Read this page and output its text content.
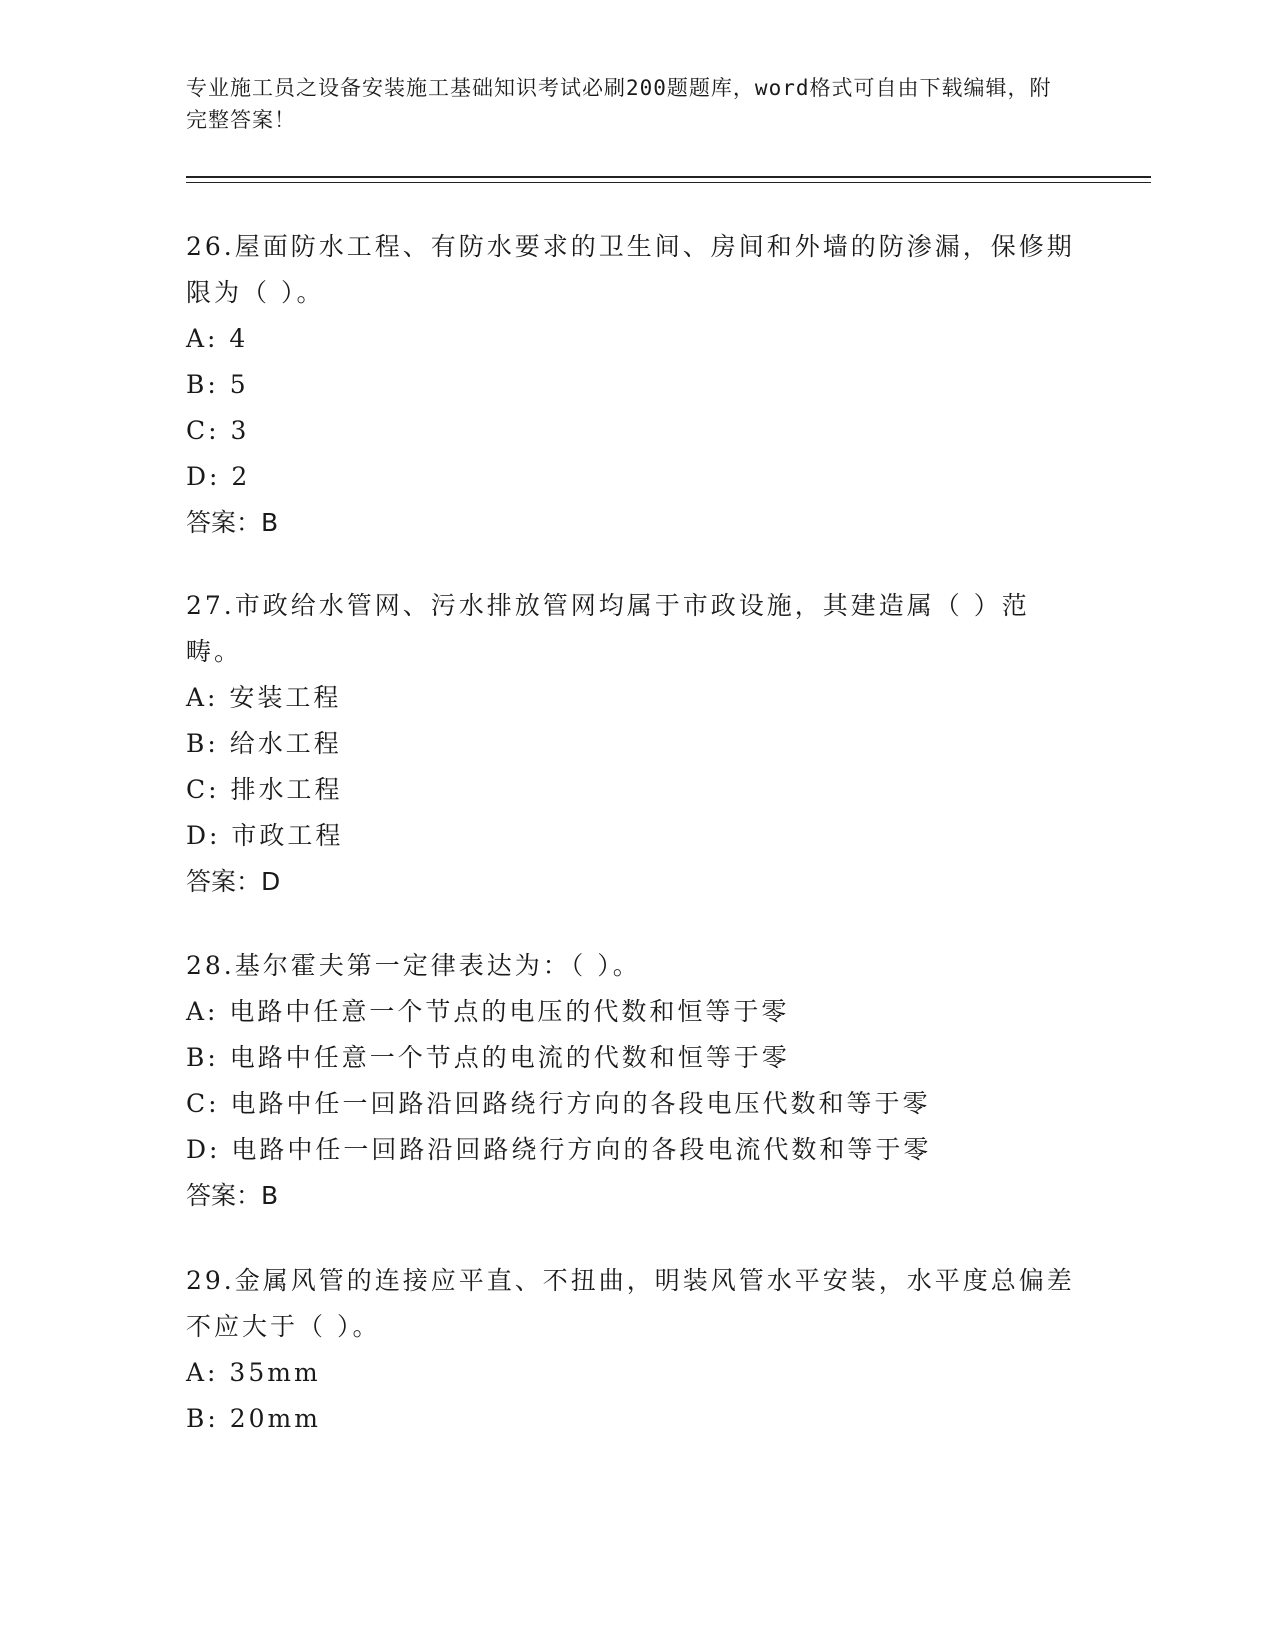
专业施工员之设备安装施工基础知识考试必刷200题题库，word格式可自由下载编辑，附完整答案！

26.屋面防水工程、有防水要求的卫生间、房间和外墙的防渗漏，保修期限为（ ）。

A: 4

B: 5

C: 3

D: 2

答案：B

27.市政给水管网、污水排放管网均属于市政设施，其建造属（ ）范畴。

A: 安装工程

B: 给水工程

C: 排水工程

D: 市政工程

答案：D

28.基尔霍夫第一定律表达为：（ ）。

A: 电路中任意一个节点的电压的代数和恒等于零

B: 电路中任意一个节点的电流的代数和恒等于零

C: 电路中任一回路沿回路绕行方向的各段电压代数和等于零

D: 电路中任一回路沿回路绕行方向的各段电流代数和等于零

答案：B

29.金属风管的连接应平直、不扭曲，明装风管水平安装，水平度总偏差不应大于（ ）。

A: 35mm

B: 20mm
